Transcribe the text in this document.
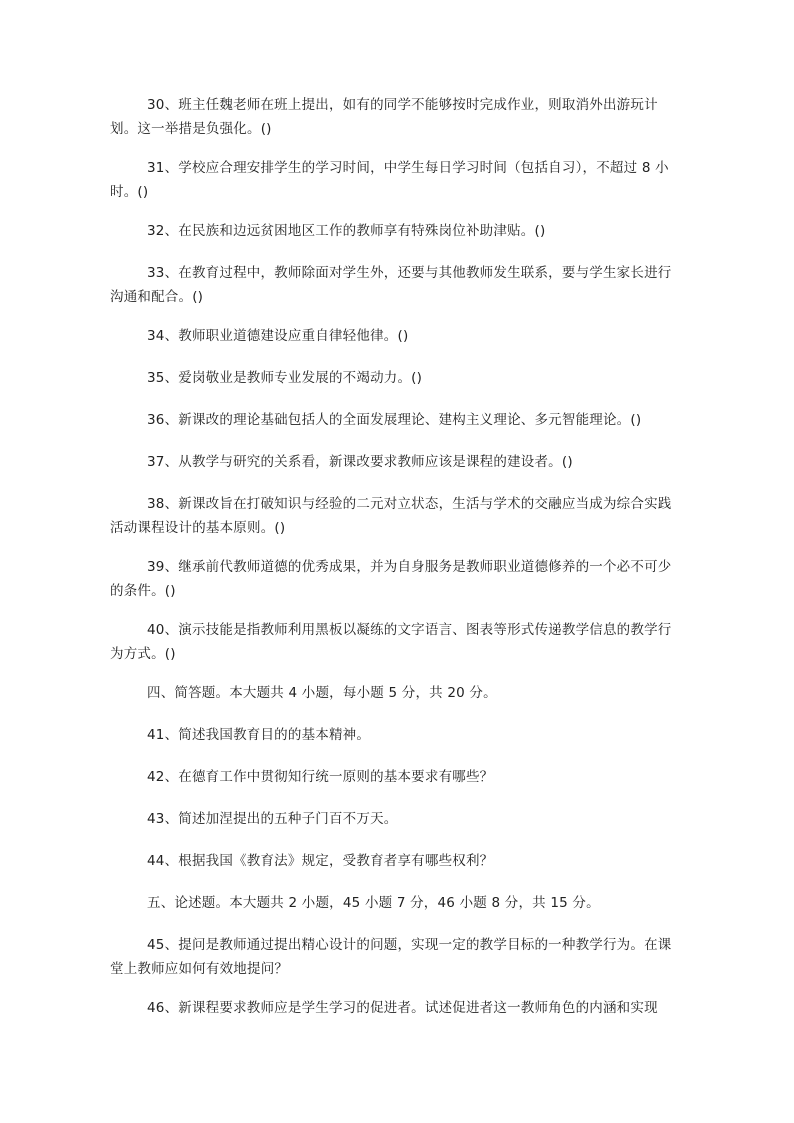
30、班主任魏老师在班上提出，如有的同学不能够按时完成作业，则取消外出游玩计划。这一举措是负强化。()

31、学校应合理安排学生的学习时间，中学生每日学习时间（包括自习），不超过 8 小时。()

32、在民族和边远贫困地区工作的教师享有特殊岗位补助津贴。()

33、在教育过程中，教师除面对学生外，还要与其他教师发生联系，要与学生家长进行沟通和配合。()

34、教师职业道德建设应重自律轻他律。()

35、爱岗敬业是教师专业发展的不竭动力。()

36、新课改的理论基础包括人的全面发展理论、建构主义理论、多元智能理论。()

37、从教学与研究的关系看，新课改要求教师应该是课程的建设者。()

38、新课改旨在打破知识与经验的二元对立状态，生活与学术的交融应当成为综合实践活动课程设计的基本原则。()

39、继承前代教师道德的优秀成果，并为自身服务是教师职业道德修养的一个必不可少的条件。()

40、演示技能是指教师利用黑板以凝练的文字语言、图表等形式传递教学信息的教学行为方式。()

四、简答题。本大题共 4 小题，每小题 5 分，共 20 分。

41、简述我国教育目的的基本精神。

42、在德育工作中贯彻知行统一原则的基本要求有哪些？

43、简述加涅提出的五种子门百不万天。

44、根据我国《教育法》规定，受教育者享有哪些权利？

五、论述题。本大题共 2 小题，45 小题 7 分，46 小题 8 分，共 15 分。

45、提问是教师通过提出精心设计的问题，实现一定的教学目标的一种教学行为。在课堂上教师应如何有效地提问？

46、新课程要求教师应是学生学习的促进者。试述促进者这一教师角色的内涵和实现
